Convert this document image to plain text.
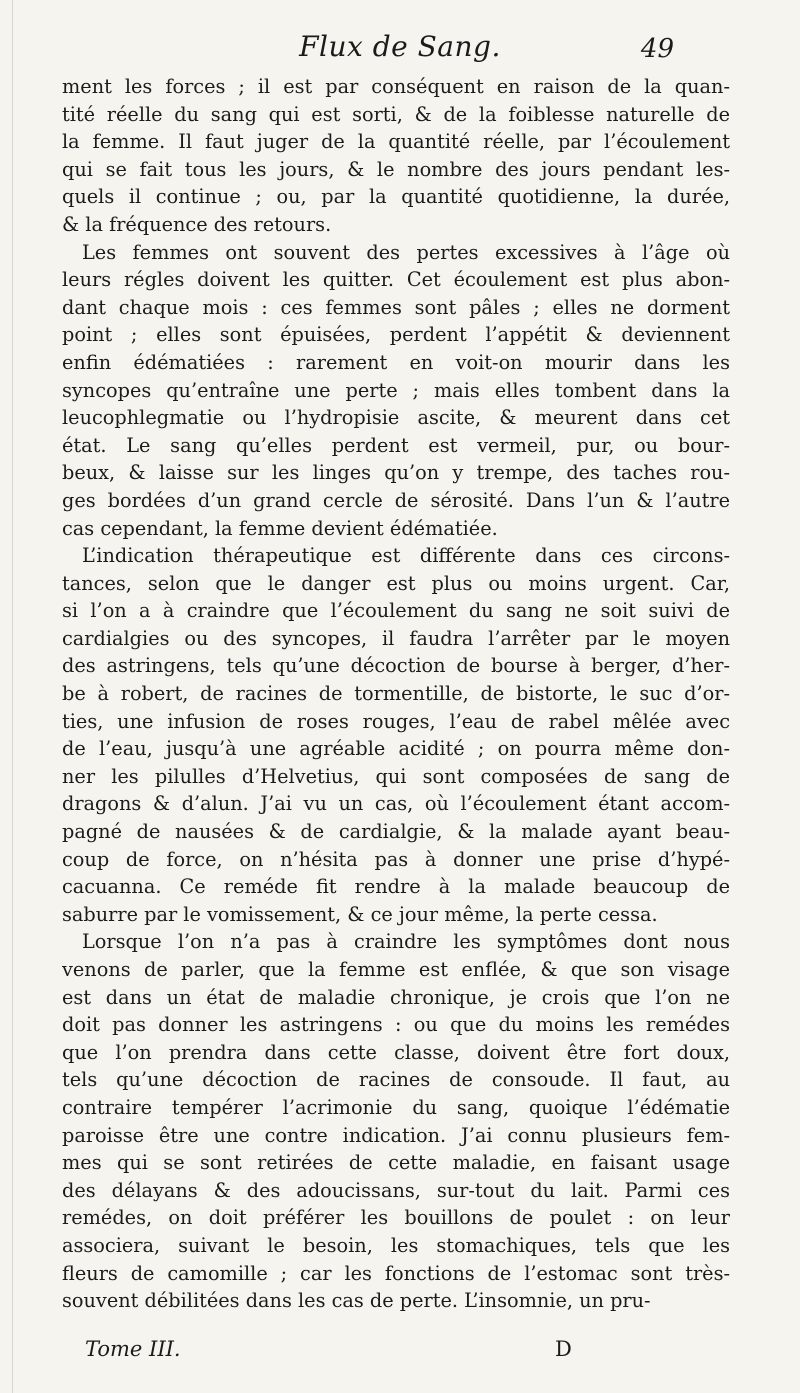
Flux de Sang.	49
ment les forces ; il est par conséquent en raison de la quan-
tité réelle du sang qui est sorti, & de la foiblesse naturelle de
la femme. Il faut juger de la quantité réelle, par l’écoulement
qui se fait tous les jours, & le nombre des jours pendant les-
quels il continue ; ou, par la quantité quotidienne, la durée,
& la fréquence des retours.
Les femmes ont souvent des pertes excessives à l’âge où
leurs régles doivent les quitter. Cet écoulement est plus abon-
dant chaque mois : ces femmes sont pâles ; elles ne dorment
point ; elles sont épuisées, perdent l’appétit & deviennent
enfin édématiées : rarement en voit-on mourir dans les
syncopes qu’entraîne une perte ; mais elles tombent dans la
leucophlegmatie ou l’hydropisie ascite, & meurent dans cet
état. Le sang qu’elles perdent est vermeil, pur, ou bour-
beux, & laisse sur les linges qu’on y trempe, des taches rou-
ges bordées d’un grand cercle de sérosité. Dans l’un & l’autre
cas cependant, la femme devient édématiée.
L’indication thérapeutique est différente dans ces circons-
tances, selon que le danger est plus ou moins urgent. Car,
si l’on a à craindre que l’écoulement du sang ne soit suivi de
cardialgies ou des syncopes, il faudra l’arrêter par le moyen
des astringens, tels qu’une décoction de bourse à berger, d’her-
be à robert, de racines de tormentille, de bistorte, le suc d’or-
ties, une infusion de roses rouges, l’eau de rabel mêlée avec
de l’eau, jusqu’à une agréable acidité ; on pourra même don-
ner les pilulles d’Helvetius, qui sont composées de sang de
dragons & d’alun. J’ai vu un cas, où l’écoulement étant accom-
pagné de nausées & de cardialgie, & la malade ayant beau-
coup de force, on n’hésita pas à donner une prise d’hypé-
cacuanna. Ce reméde fit rendre à la malade beaucoup de
saburre par le vomissement, & ce jour même, la perte cessa.
Lorsque l’on n’a pas à craindre les symptômes dont nous
venons de parler, que la femme est enflée, & que son visage
est dans un état de maladie chronique, je crois que l’on ne
doit pas donner les astringens : ou que du moins les remédes
que l’on prendra dans cette classe, doivent être fort doux,
tels qu’une décoction de racines de consoude. Il faut, au
contraire tempérer l’acrimonie du sang, quoique l’édématie
paroisse être une contre indication. J’ai connu plusieurs fem-
mes qui se sont retirées de cette maladie, en faisant usage
des délayans & des adoucissans, sur-tout du lait. Parmi ces
remédes, on doit préférer les bouillons de poulet : on leur
associera, suivant le besoin, les stomachiques, tels que les
fleurs de camomille ; car les fonctions de l’estomac sont très-
souvent débilitées dans les cas de perte. L’insomnie, un pru-
Tome III.	D
